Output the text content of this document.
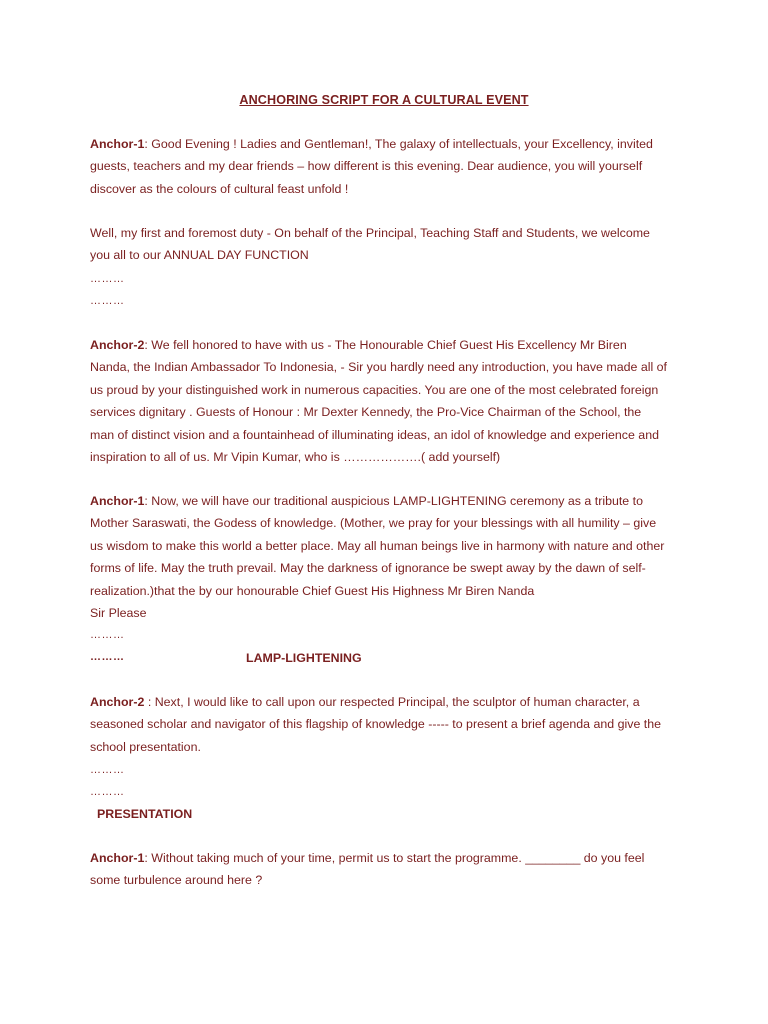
ANCHORING SCRIPT FOR A CULTURAL EVENT
Anchor-1: Good Evening ! Ladies and Gentleman!, The galaxy of intellectuals, your Excellency, invited
guests, teachers and my dear friends – how different is this evening. Dear audience, you will yourself
discover as the colours of cultural feast unfold !
Well, my first and foremost duty - On behalf of the Principal, Teaching Staff and Students, we welcome
you all to our ANNUAL DAY FUNCTION
………
………
Anchor-2: We fell honored to have with us - The Honourable Chief Guest His Excellency Mr Biren
Nanda, the Indian Ambassador To Indonesia, - Sir you hardly need any introduction, you have made all of
us proud by your distinguished work in numerous capacities. You are one of the most celebrated foreign
services dignitary . Guests of Honour : Mr Dexter Kennedy, the Pro-Vice Chairman of the School, the
man of distinct vision and a fountainhead of illuminating ideas, an idol of knowledge and experience and
inspiration to all of us. Mr Vipin Kumar, who is ……………….( add yourself)
Anchor-1: Now, we will have our traditional auspicious LAMP-LIGHTENING ceremony as a tribute to
Mother Saraswati, the Godess of knowledge. (Mother, we pray for your blessings with all humility – give
us wisdom to make this world a better place. May all human beings live in harmony with nature and other
forms of life. May the truth prevail. May the darkness of ignorance be swept away by the dawn of self-
realization.)that the by our honourable Chief Guest His Highness Mr Biren Nanda
Sir Please
………
………	LAMP-LIGHTENING
Anchor-2 : Next, I would like to call upon our respected Principal, the sculptor of human character, a
seasoned scholar and navigator of this flagship of knowledge ----- to present a brief agenda and give the
school presentation.
………
………
PRESENTATION
Anchor-1: Without taking much of your time, permit us to start the programme. ________ do you feel
some turbulence around here ?
